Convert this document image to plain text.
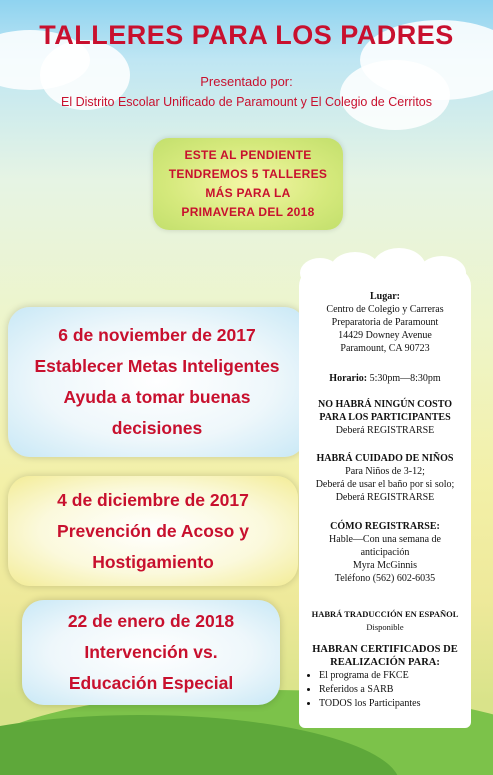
TALLERES PARA LOS PADRES
Presentado por:
El Distrito Escolar Unificado de Paramount y El Colegio de Cerritos
ESTE AL PENDIENTE
TENDREMOS 5 TALLERES
MÁS PARA LA
PRIMAVERA DEL 2018
6 de noviember de 2017
Establecer Metas Inteligentes
Ayuda a tomar buenas
decisiones
4 de diciembre de 2017
Prevención de Acoso y
Hostigamiento
22 de enero de 2018
Intervención vs.
Educación Especial
Lugar:
Centro de Colegio y Carreras
Preparatoria de Paramount
14429 Downey Avenue
Paramount, CA 90723
Horario: 5:30pm—8:30pm
NO HABRÁ NINGÚN COSTO
PARA LOS PARTICIPANTES
Deberá REGISTRARSE
HABRÁ CUIDADO DE NIÑOS
Para Niños de 3-12;
Deberá de usar el baño por si solo;
Deberá REGISTRARSE
CÓMO REGISTRARSE:
Hable—Con una semana de
anticipación
Myra McGinnis
Teléfono (562) 602-6035
HABRÁ TRADUCCIÓN EN ESPAÑOL
Disponible
HABRAN CERTIFICADOS DE
REALIZACIÓN PARA:
• El programa de FKCE
• Referidos a SARB
• TODOS los Participantes
